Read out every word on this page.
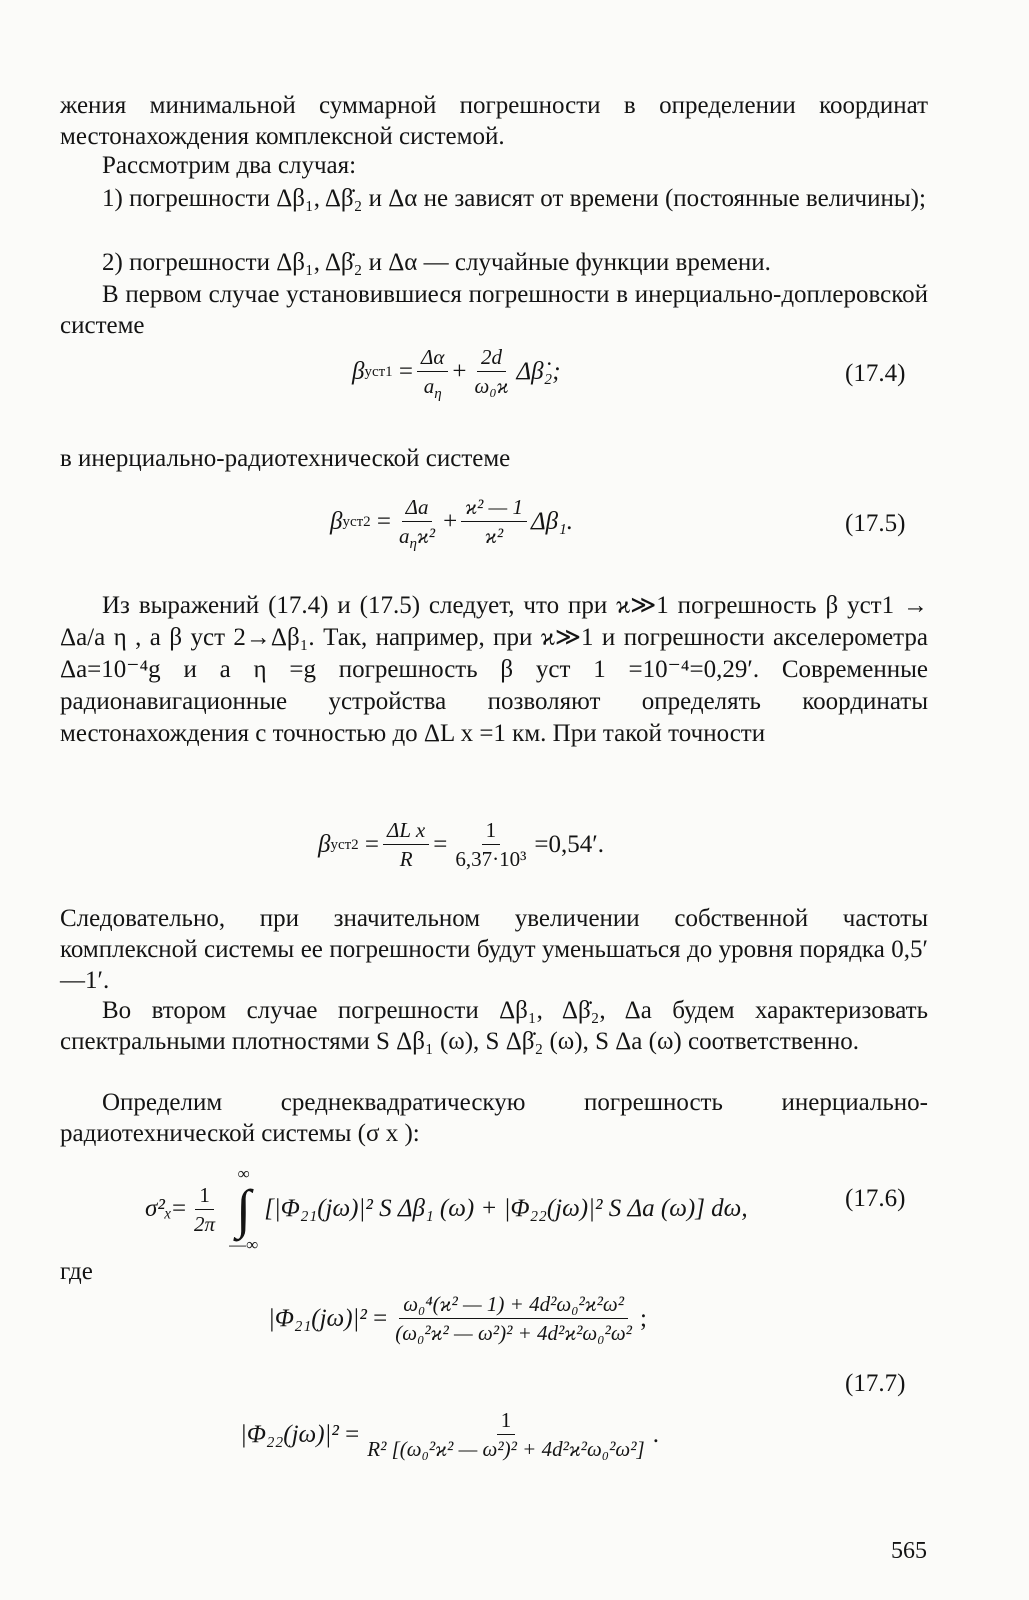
жения минимальной суммарной погрешности в определении координат местонахождения комплексной системой.
Рассмотрим два случая:
1) погрешности Δβ₁, Δβ̇₂ и Δα не зависят от времени (постоянные величины);
2) погрешности Δβ₁, Δβ̇₂ и Δα — случайные функции времени.
В первом случае установившиеся погрешности в инерциально-доплеровской системе
β $уст1 = \frac{\Delta\alpha}{a_\eta} + \frac{2d}{\text{ω₀ϰ}}$ Δβ̇₂;	(17.4)
в инерциально-радиотехнической системе
β $уст2 = \frac{\Delta a}{a_\eta ϰ^2} + \frac{\text{ϰ² — 1}}{\text{ϰ²}} \Delta\beta_1$.	(17.5)
Из выражений (17.4) и (17.5) следует, что при ϰ≫1 погрешность β уст1 → Δa/a η , а β уст 2→Δβ₁. Так, например, при ϰ≫1 и погрешности акселерометра Δa=10⁻⁴g и a η =g погрешность β уст 1 =10⁻⁴=0,29′. Современные радионавигационные устройства позволяют определять координаты местонахождения с точностью до ΔL x =1 км. При такой точности
β $уст2 = \frac{\text{ΔL x}}{R} = \frac{1}{\text{6,37·10³}} =0,54'$.
Следовательно, при значительном увеличении собственной частоты комплексной системы ее погрешности будут уменьшаться до уровня порядка 0,5′—1′.
Во втором случае погрешности Δβ₁, Δβ̇₂, Δa будем характеризовать спектральными плотностями S Δβ₁ (ω), S Δβ̇₂ (ω), S Δa (ω) соответственно.
Определим среднеквадратическую погрешность инерциально-радиотехнической системы (σ x ):
$\sigma^2_x = \frac{1}{2\pi}$
∞
∫
—∞
[|Φ₂₁(jω)|² S Δβ₁ (ω) + |Φ₂₂(jω)|² S Δa (ω)] dω,	(17.6)
где
$|\Phi_{21}(j\omega)|^2 = \frac{\text{ω₀⁴(ϰ² — 1) + 4d²ω₀²ϰ²ω²}}{\text{(ω₀²ϰ² — ω²)² + 4d²ϰ²ω₀²ω²}}$ ;
(17.7)
$|\Phi_{22}(j\omega)|^2 = \frac{1}{\text{R² [(ω₀²ϰ² — ω²)² + 4d²ϰ²ω₀²ω²]}}$ .
565
